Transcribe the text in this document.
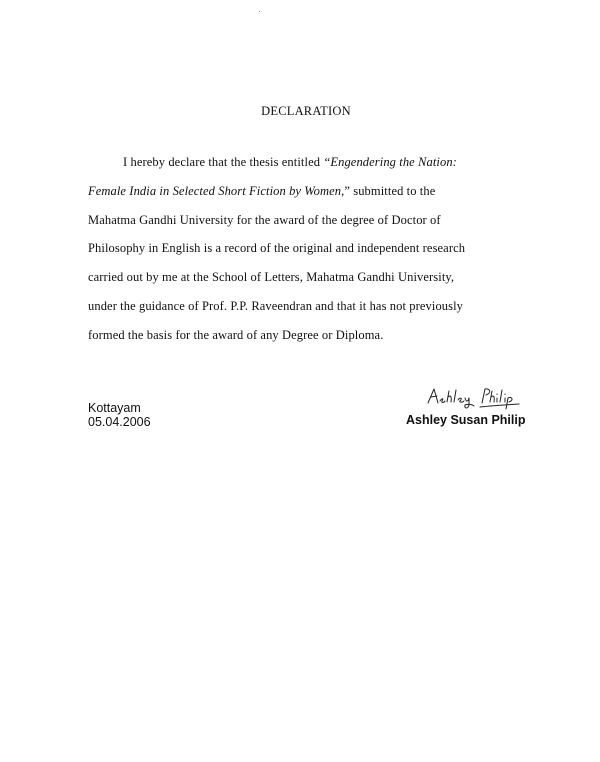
DECLARATION
I hereby declare that the thesis entitled “Engendering the Nation:
Female India in Selected Short Fiction by Women,” submitted to the
Mahatma Gandhi University for the award of the degree of Doctor of
Philosophy in English is a record of the original and independent research
carried out by me at the School of Letters, Mahatma Gandhi University,
under the guidance of Prof. P.P. Raveendran and that it has not previously
formed the basis for the award of any Degree or Diploma.
Kottayam
05.04.2006	Ashley Susan Philip
